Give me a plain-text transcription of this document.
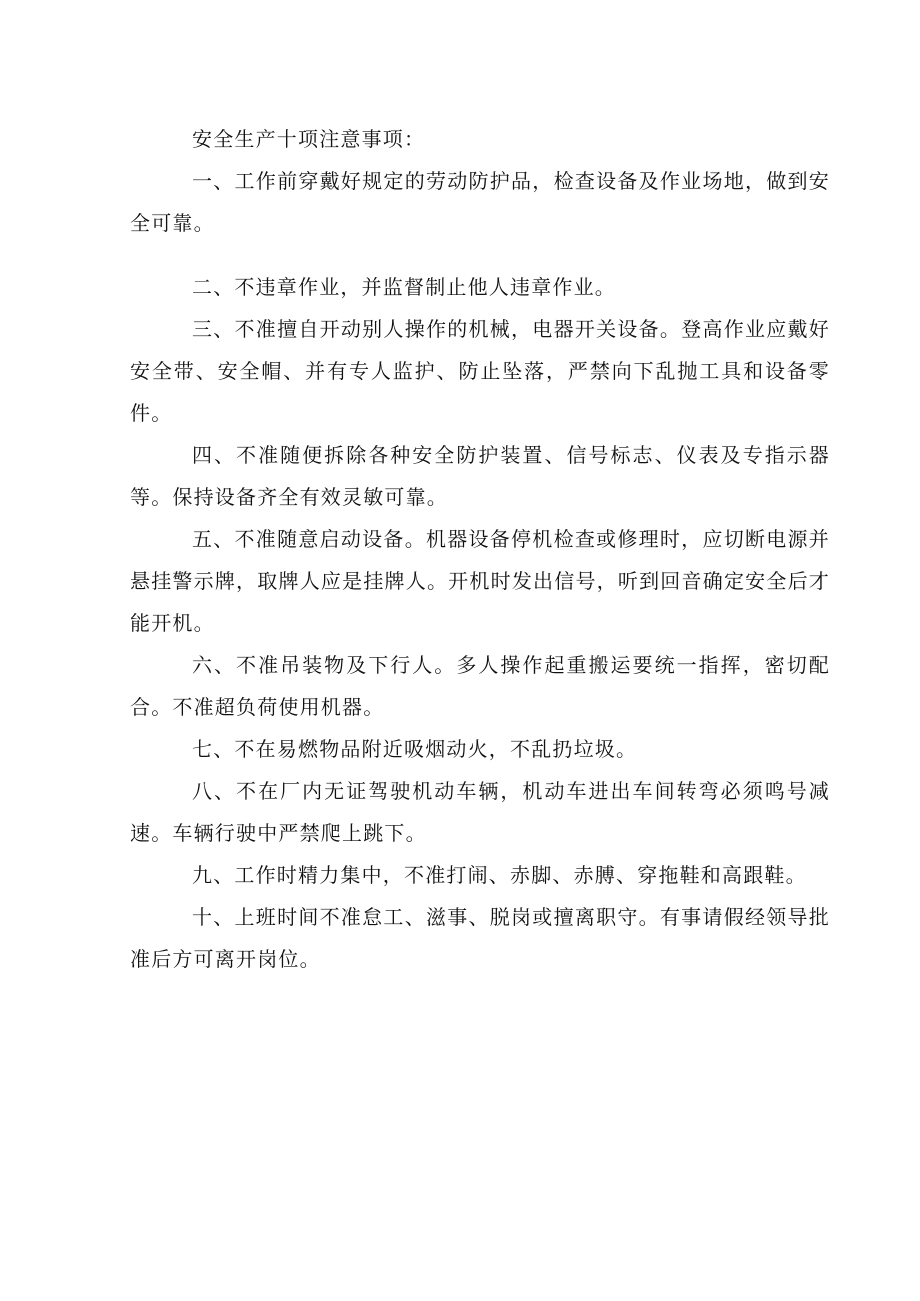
安全生产十项注意事项：

一、工作前穿戴好规定的劳动防护品，检查设备及作业场地，做到安全可靠。

二、不违章作业，并监督制止他人违章作业。

三、不准擅自开动别人操作的机械，电器开关设备。登高作业应戴好安全带、安全帽、并有专人监护、防止坠落，严禁向下乱抛工具和设备零件。

四、不准随便拆除各种安全防护装置、信号标志、仪表及专指示器等。保持设备齐全有效灵敏可靠。

五、不准随意启动设备。机器设备停机检查或修理时，应切断电源并悬挂警示牌，取牌人应是挂牌人。开机时发出信号，听到回音确定安全后才能开机。

六、不准吊装物及下行人。多人操作起重搬运要统一指挥，密切配合。不准超负荷使用机器。

七、不在易燃物品附近吸烟动火，不乱扔垃圾。

八、不在厂内无证驾驶机动车辆，机动车进出车间转弯必须鸣号减速。车辆行驶中严禁爬上跳下。

九、工作时精力集中，不准打闹、赤脚、赤膊、穿拖鞋和高跟鞋。

十、上班时间不准怠工、滋事、脱岗或擅离职守。有事请假经领导批准后方可离开岗位。
